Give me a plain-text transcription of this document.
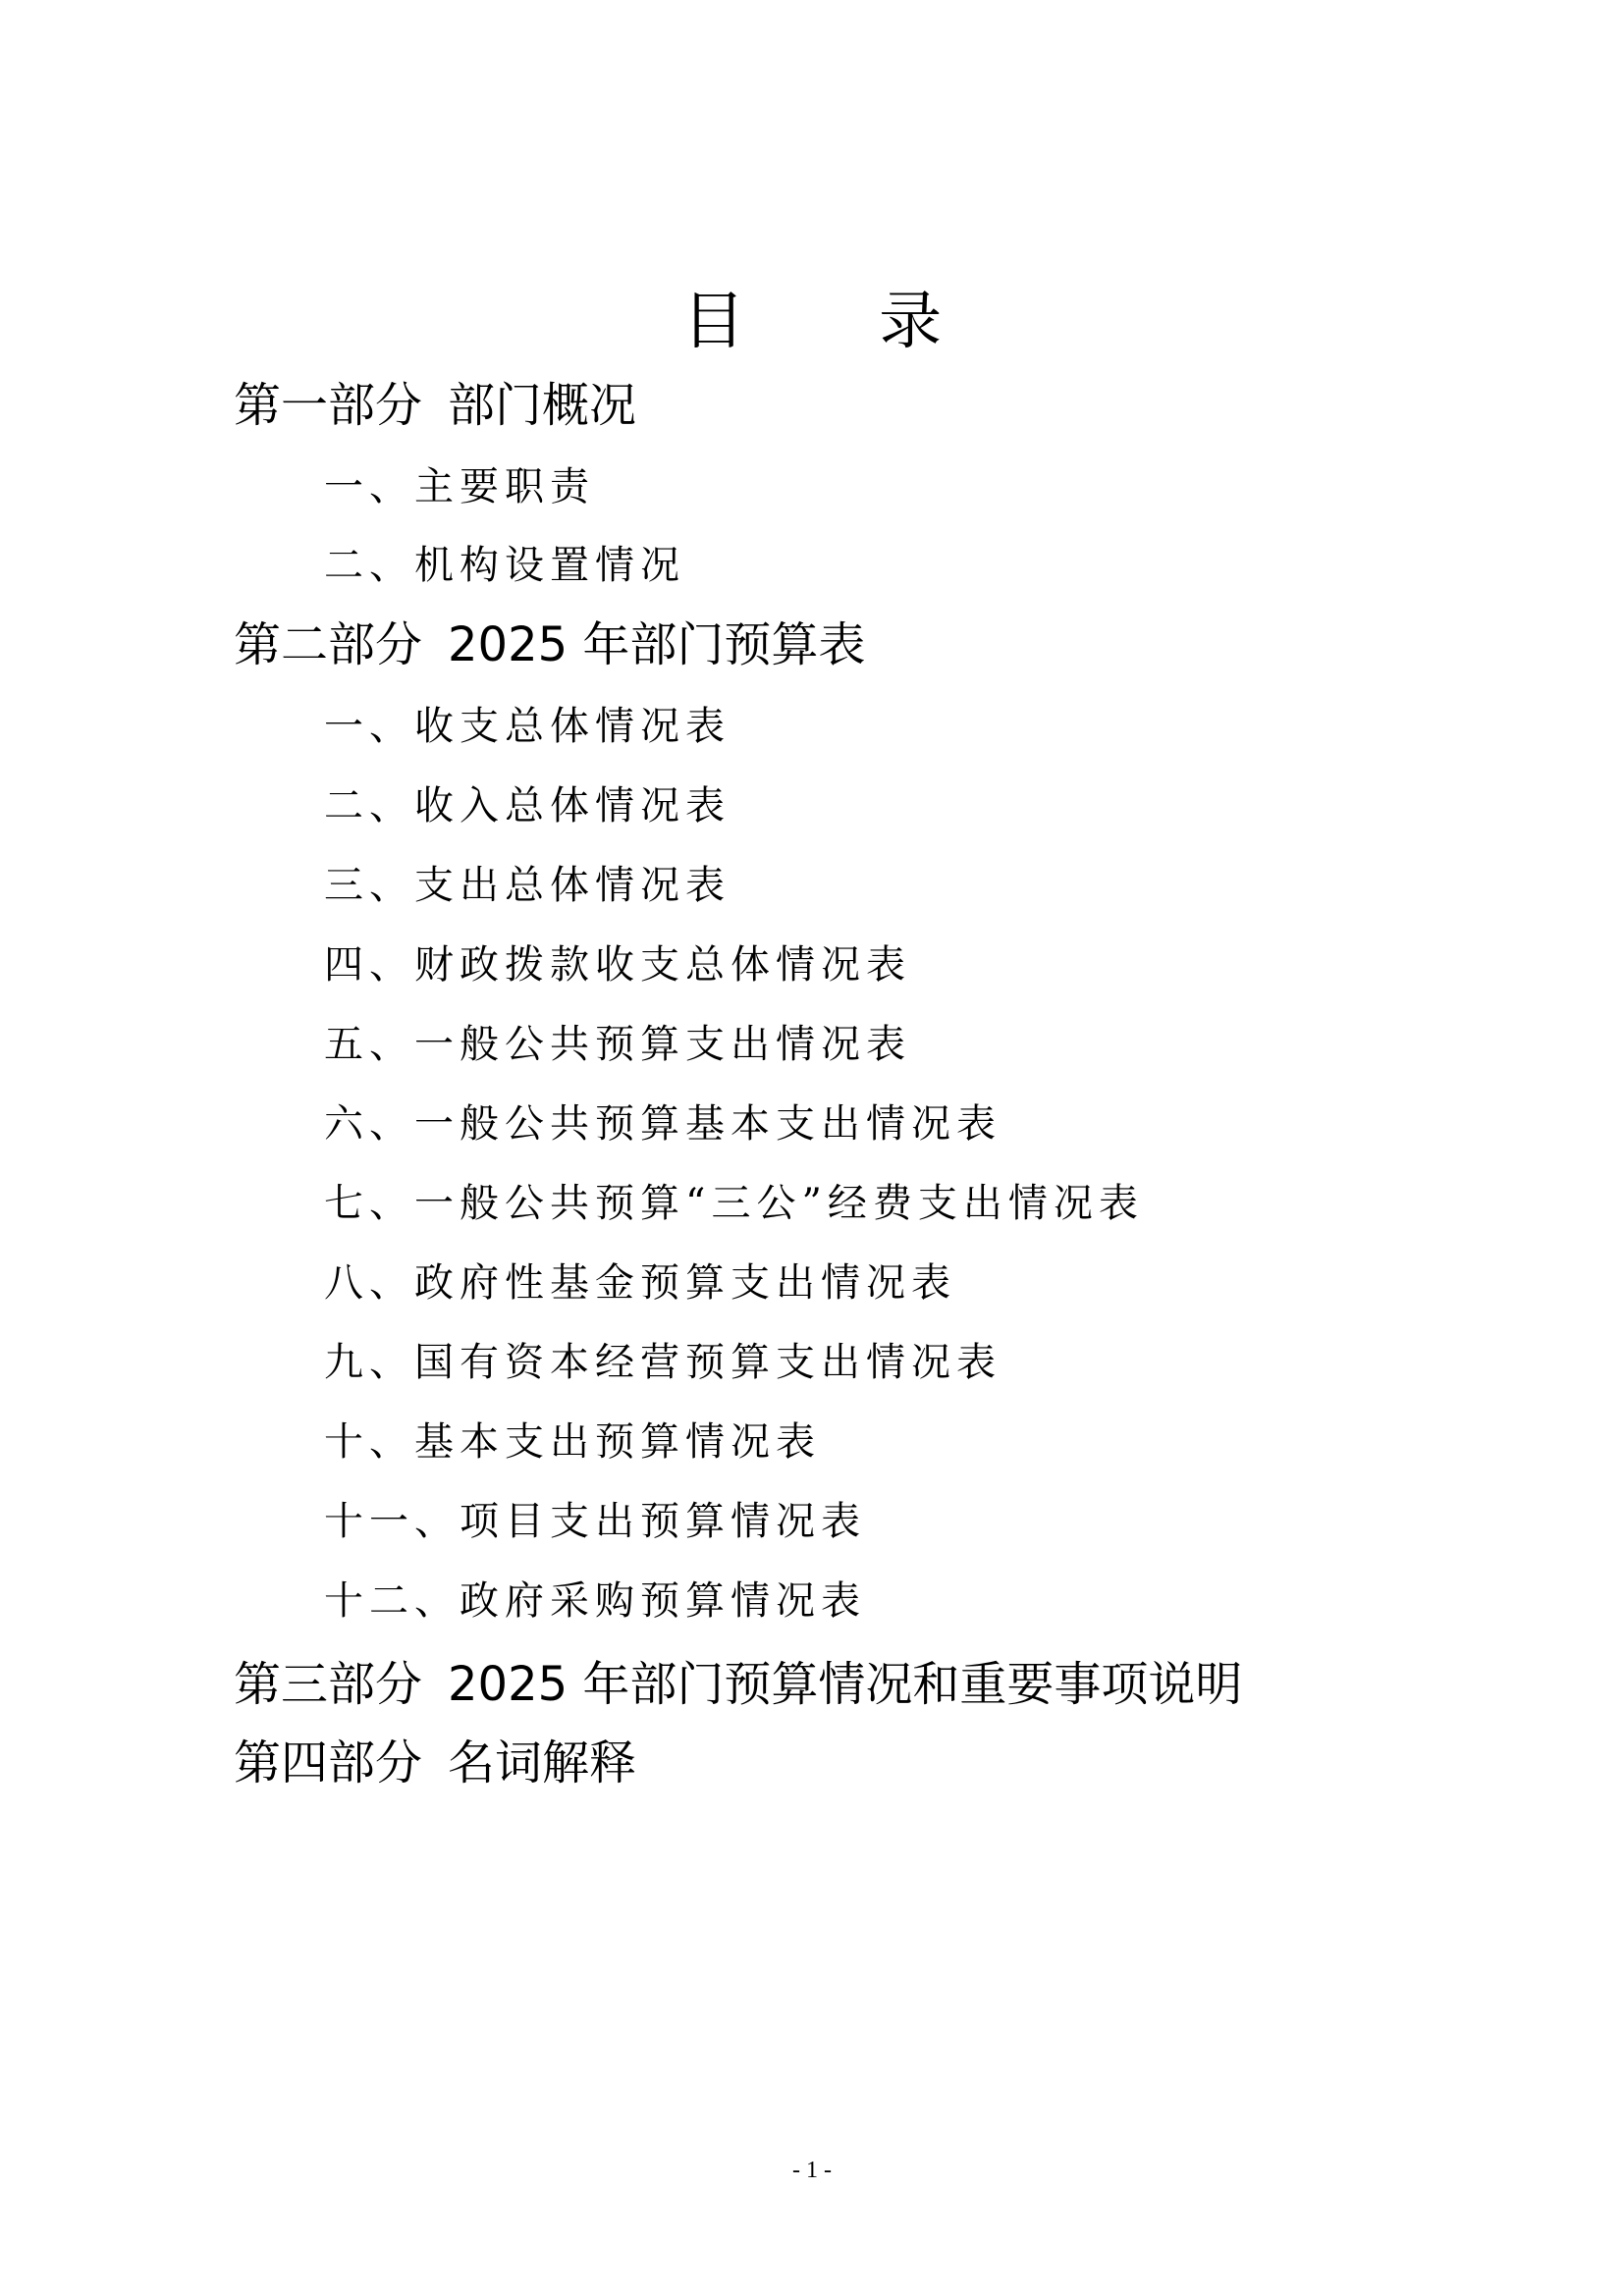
目 录
第一部分 部门概况
一、主要职责
二、机构设置情况
第二部分 2025 年部门预算表
一、收支总体情况表
二、收入总体情况表
三、支出总体情况表
四、财政拨款收支总体情况表
五、一般公共预算支出情况表
六、一般公共预算基本支出情况表
七、一般公共预算“三公”经费支出情况表
八、政府性基金预算支出情况表
九、国有资本经营预算支出情况表
十、基本支出预算情况表
十一、项目支出预算情况表
十二、政府采购预算情况表
第三部分 2025 年部门预算情况和重要事项说明
第四部分 名词解释
- 1 -
